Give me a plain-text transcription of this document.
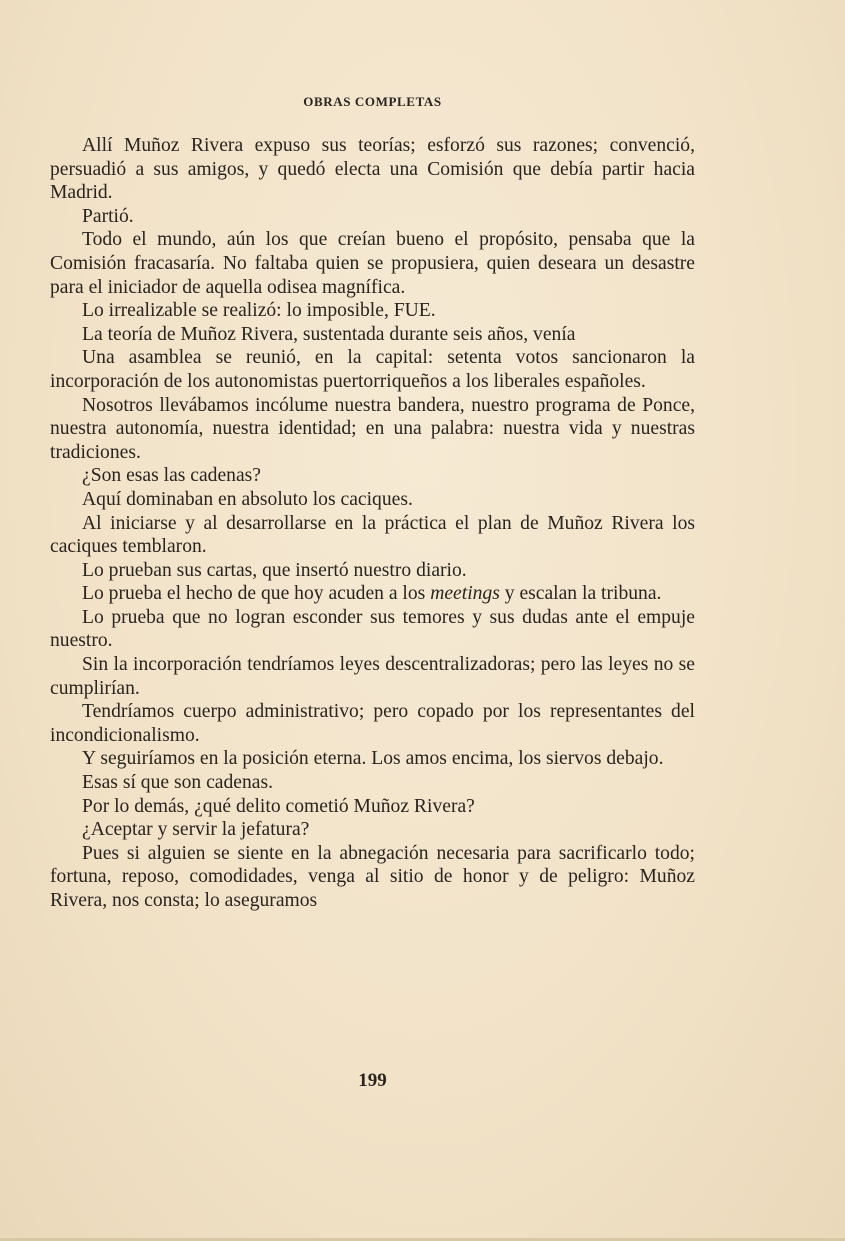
OBRAS COMPLETAS

Allí Muñoz Rivera expuso sus teorías; esforzó sus razones; convenció, persuadió a sus amigos, y quedó electa una Comisión que debía partir hacia Madrid.

Partió.

Todo el mundo, aún los que creían bueno el propósito, pensaba que la Comisión fracasaría. No faltaba quien se propusiera, quien deseara un desastre para el iniciador de aquella odisea magnífica.

Lo irrealizable se realizó: lo imposible, FUE.

La teoría de Muñoz Rivera, sustentada durante seis años, venía

Una asamblea se reunió, en la capital: setenta votos sancionaron la incorporación de los autonomistas puertorriqueños a los liberales españoles.

Nosotros llevábamos incólume nuestra bandera, nuestro programa de Ponce, nuestra autonomía, nuestra identidad; en una palabra: nuestra vida y nuestras tradiciones.

¿Son esas las cadenas?

Aquí dominaban en absoluto los caciques.

Al iniciarse y al desarrollarse en la práctica el plan de Muñoz Rivera los caciques temblaron.

Lo prueban sus cartas, que insertó nuestro diario.

Lo prueba el hecho de que hoy acuden a los meetings y escalan la tribuna.

Lo prueba que no logran esconder sus temores y sus dudas ante el empuje nuestro.

Sin la incorporación tendríamos leyes descentralizadoras; pero las leyes no se cumplirían.

Tendríamos cuerpo administrativo; pero copado por los representantes del incondicionalismo.

Y seguiríamos en la posición eterna. Los amos encima, los siervos debajo.

Esas sí que son cadenas.

Por lo demás, ¿qué delito cometió Muñoz Rivera?

¿Aceptar y servir la jefatura?

Pues si alguien se siente en la abnegación necesaria para sacrificarlo todo; fortuna, reposo, comodidades, venga al sitio de honor y de peligro: Muñoz Rivera, nos consta; lo aseguramos

199
